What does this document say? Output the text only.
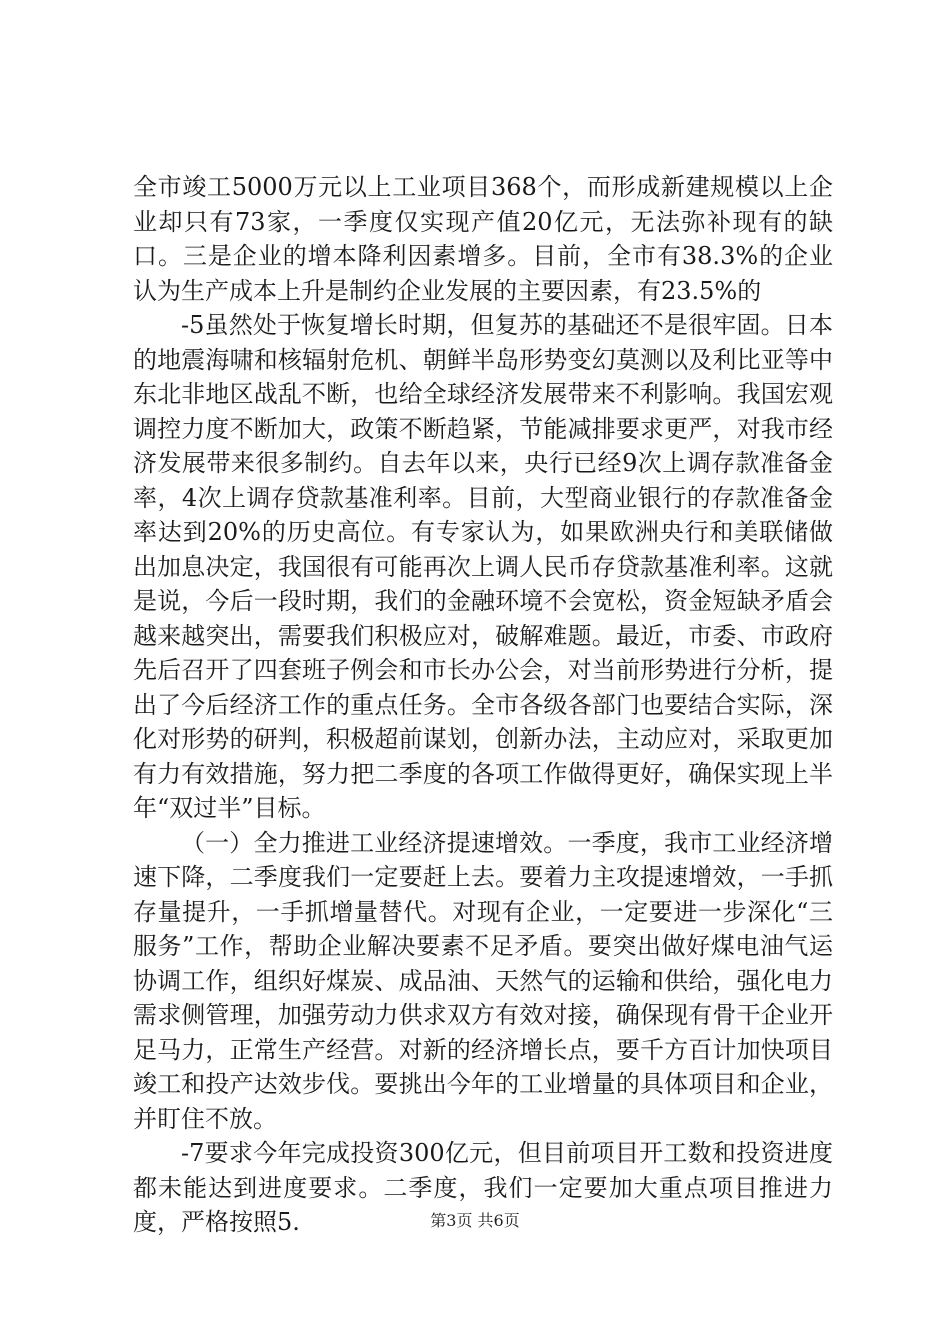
全市竣工5000万元以上工业项目368个，而形成新建规模以上企业却只有73家，一季度仅实现产值20亿元，无法弥补现有的缺口。三是企业的增本降利因素增多。目前，全市有38.3%的企业认为生产成本上升是制约企业发展的主要因素，有23.5%的

-5虽然处于恢复增长时期，但复苏的基础还不是很牢固。日本的地震海啸和核辐射危机、朝鲜半岛形势变幻莫测以及利比亚等中东北非地区战乱不断，也给全球经济发展带来不利影响。我国宏观调控力度不断加大，政策不断趋紧，节能减排要求更严，对我市经济发展带来很多制约。自去年以来，央行已经9次上调存款准备金率，4次上调存贷款基准利率。目前，大型商业银行的存款准备金率达到20%的历史高位。有专家认为，如果欧洲央行和美联储做出加息决定，我国很有可能再次上调人民币存贷款基准利率。这就是说，今后一段时期，我们的金融环境不会宽松，资金短缺矛盾会越来越突出，需要我们积极应对，破解难题。最近，市委、市政府先后召开了四套班子例会和市长办公会，对当前形势进行分析，提出了今后经济工作的重点任务。全市各级各部门也要结合实际，深化对形势的研判，积极超前谋划，创新办法，主动应对，采取更加有力有效措施，努力把二季度的各项工作做得更好，确保实现上半年“双过半”目标。

（一）全力推进工业经济提速增效。一季度，我市工业经济增速下降，二季度我们一定要赶上去。要着力主攻提速增效，一手抓存量提升，一手抓增量替代。对现有企业，一定要进一步深化“三服务”工作，帮助企业解决要素不足矛盾。要突出做好煤电油气运协调工作，组织好煤炭、成品油、天然气的运输和供给，强化电力需求侧管理，加强劳动力供求双方有效对接，确保现有骨干企业开足马力，正常生产经营。对新的经济增长点，要千方百计加快项目竣工和投产达效步伐。要挑出今年的工业增量的具体项目和企业，并盯住不放。

-7要求今年完成投资300亿元，但目前项目开工数和投资进度都未能达到进度要求。二季度，我们一定要加大重点项目推进力度，严格按照5.	第3页 共6页
